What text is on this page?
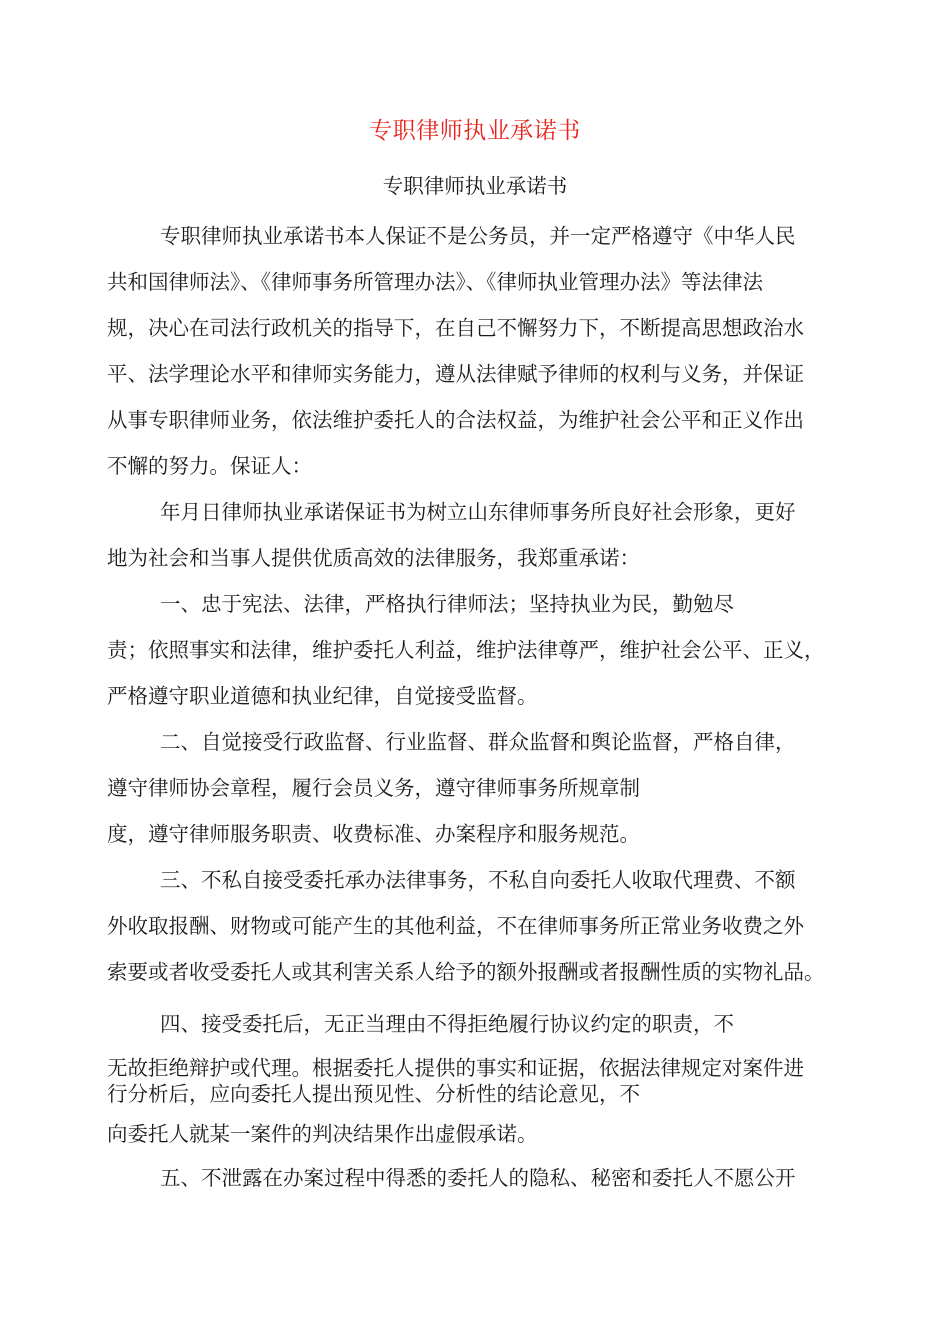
专职律师执业承诺书
专职律师执业承诺书
专职律师执业承诺书本人保证不是公务员，并一定严格遵守《中华人民
共和国律师法》、《律师事务所管理办法》、《律师执业管理办法》等法律法
规，决心在司法行政机关的指导下，在自己不懈努力下，不断提高思想政治水
平、法学理论水平和律师实务能力，遵从法律赋予律师的权利与义务，并保证
从事专职律师业务，依法维护委托人的合法权益，为维护社会公平和正义作出
不懈的努力。保证人：
年月日律师执业承诺保证书为树立山东律师事务所良好社会形象，更好
地为社会和当事人提供优质高效的法律服务，我郑重承诺：
一、忠于宪法、法律，严格执行律师法；坚持执业为民，勤勉尽
责；依照事实和法律，维护委托人利益，维护法律尊严，维护社会公平、正义，
严格遵守职业道德和执业纪律，自觉接受监督。
二、自觉接受行政监督、行业监督、群众监督和舆论监督，严格自律，
遵守律师协会章程，履行会员义务，遵守律师事务所规章制
度，遵守律师服务职责、收费标准、办案程序和服务规范。
三、不私自接受委托承办法律事务，不私自向委托人收取代理费、不额
外收取报酬、财物或可能产生的其他利益，不在律师事务所正常业务收费之外
索要或者收受委托人或其利害关系人给予的额外报酬或者报酬性质的实物礼品。
四、接受委托后，无正当理由不得拒绝履行协议约定的职责，不
无故拒绝辩护或代理。根据委托人提供的事实和证据，依据法律规定对案件进
行分析后，应向委托人提出预见性、分析性的结论意见，不
向委托人就某一案件的判决结果作出虚假承诺。
五、不泄露在办案过程中得悉的委托人的隐私、秘密和委托人不愿公开
